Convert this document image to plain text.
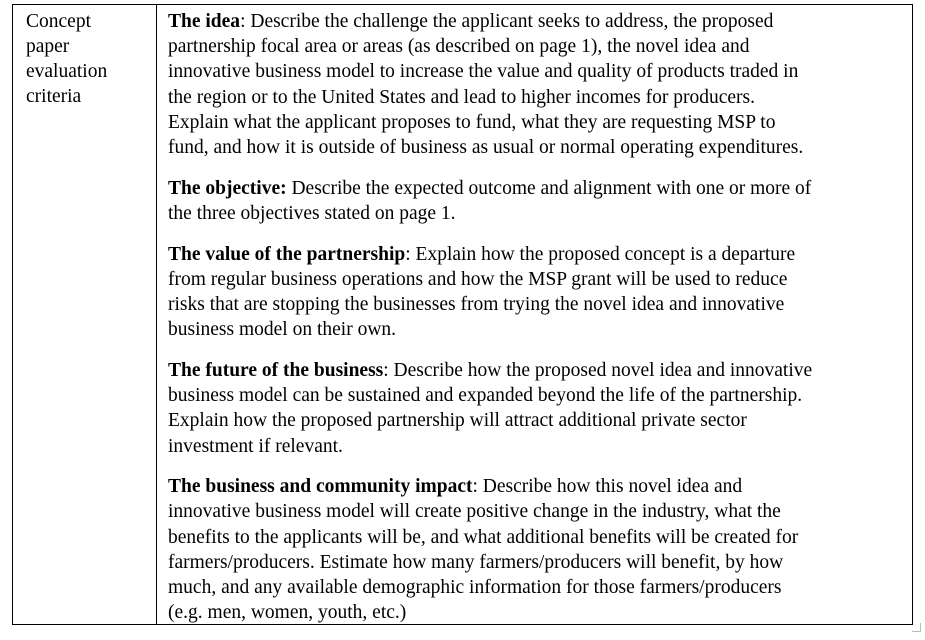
Concept
paper
evaluation
criteria
The idea: Describe the challenge the applicant seeks to address, the proposed
partnership focal area or areas (as described on page 1), the novel idea and
innovative business model to increase the value and quality of products traded in
the region or to the United States and lead to higher incomes for producers.
Explain what the applicant proposes to fund, what they are requesting MSP to
fund, and how it is outside of business as usual or normal operating expenditures.
The objective: Describe the expected outcome and alignment with one or more of
the three objectives stated on page 1.
The value of the partnership: Explain how the proposed concept is a departure
from regular business operations and how the MSP grant will be used to reduce
risks that are stopping the businesses from trying the novel idea and innovative
business model on their own.
The future of the business: Describe how the proposed novel idea and innovative
business model can be sustained and expanded beyond the life of the partnership.
Explain how the proposed partnership will attract additional private sector
investment if relevant.
The business and community impact: Describe how this novel idea and
innovative business model will create positive change in the industry, what the
benefits to the applicants will be, and what additional benefits will be created for
farmers/producers. Estimate how many farmers/producers will benefit, by how
much, and any available demographic information for those farmers/producers
(e.g. men, women, youth, etc.)
